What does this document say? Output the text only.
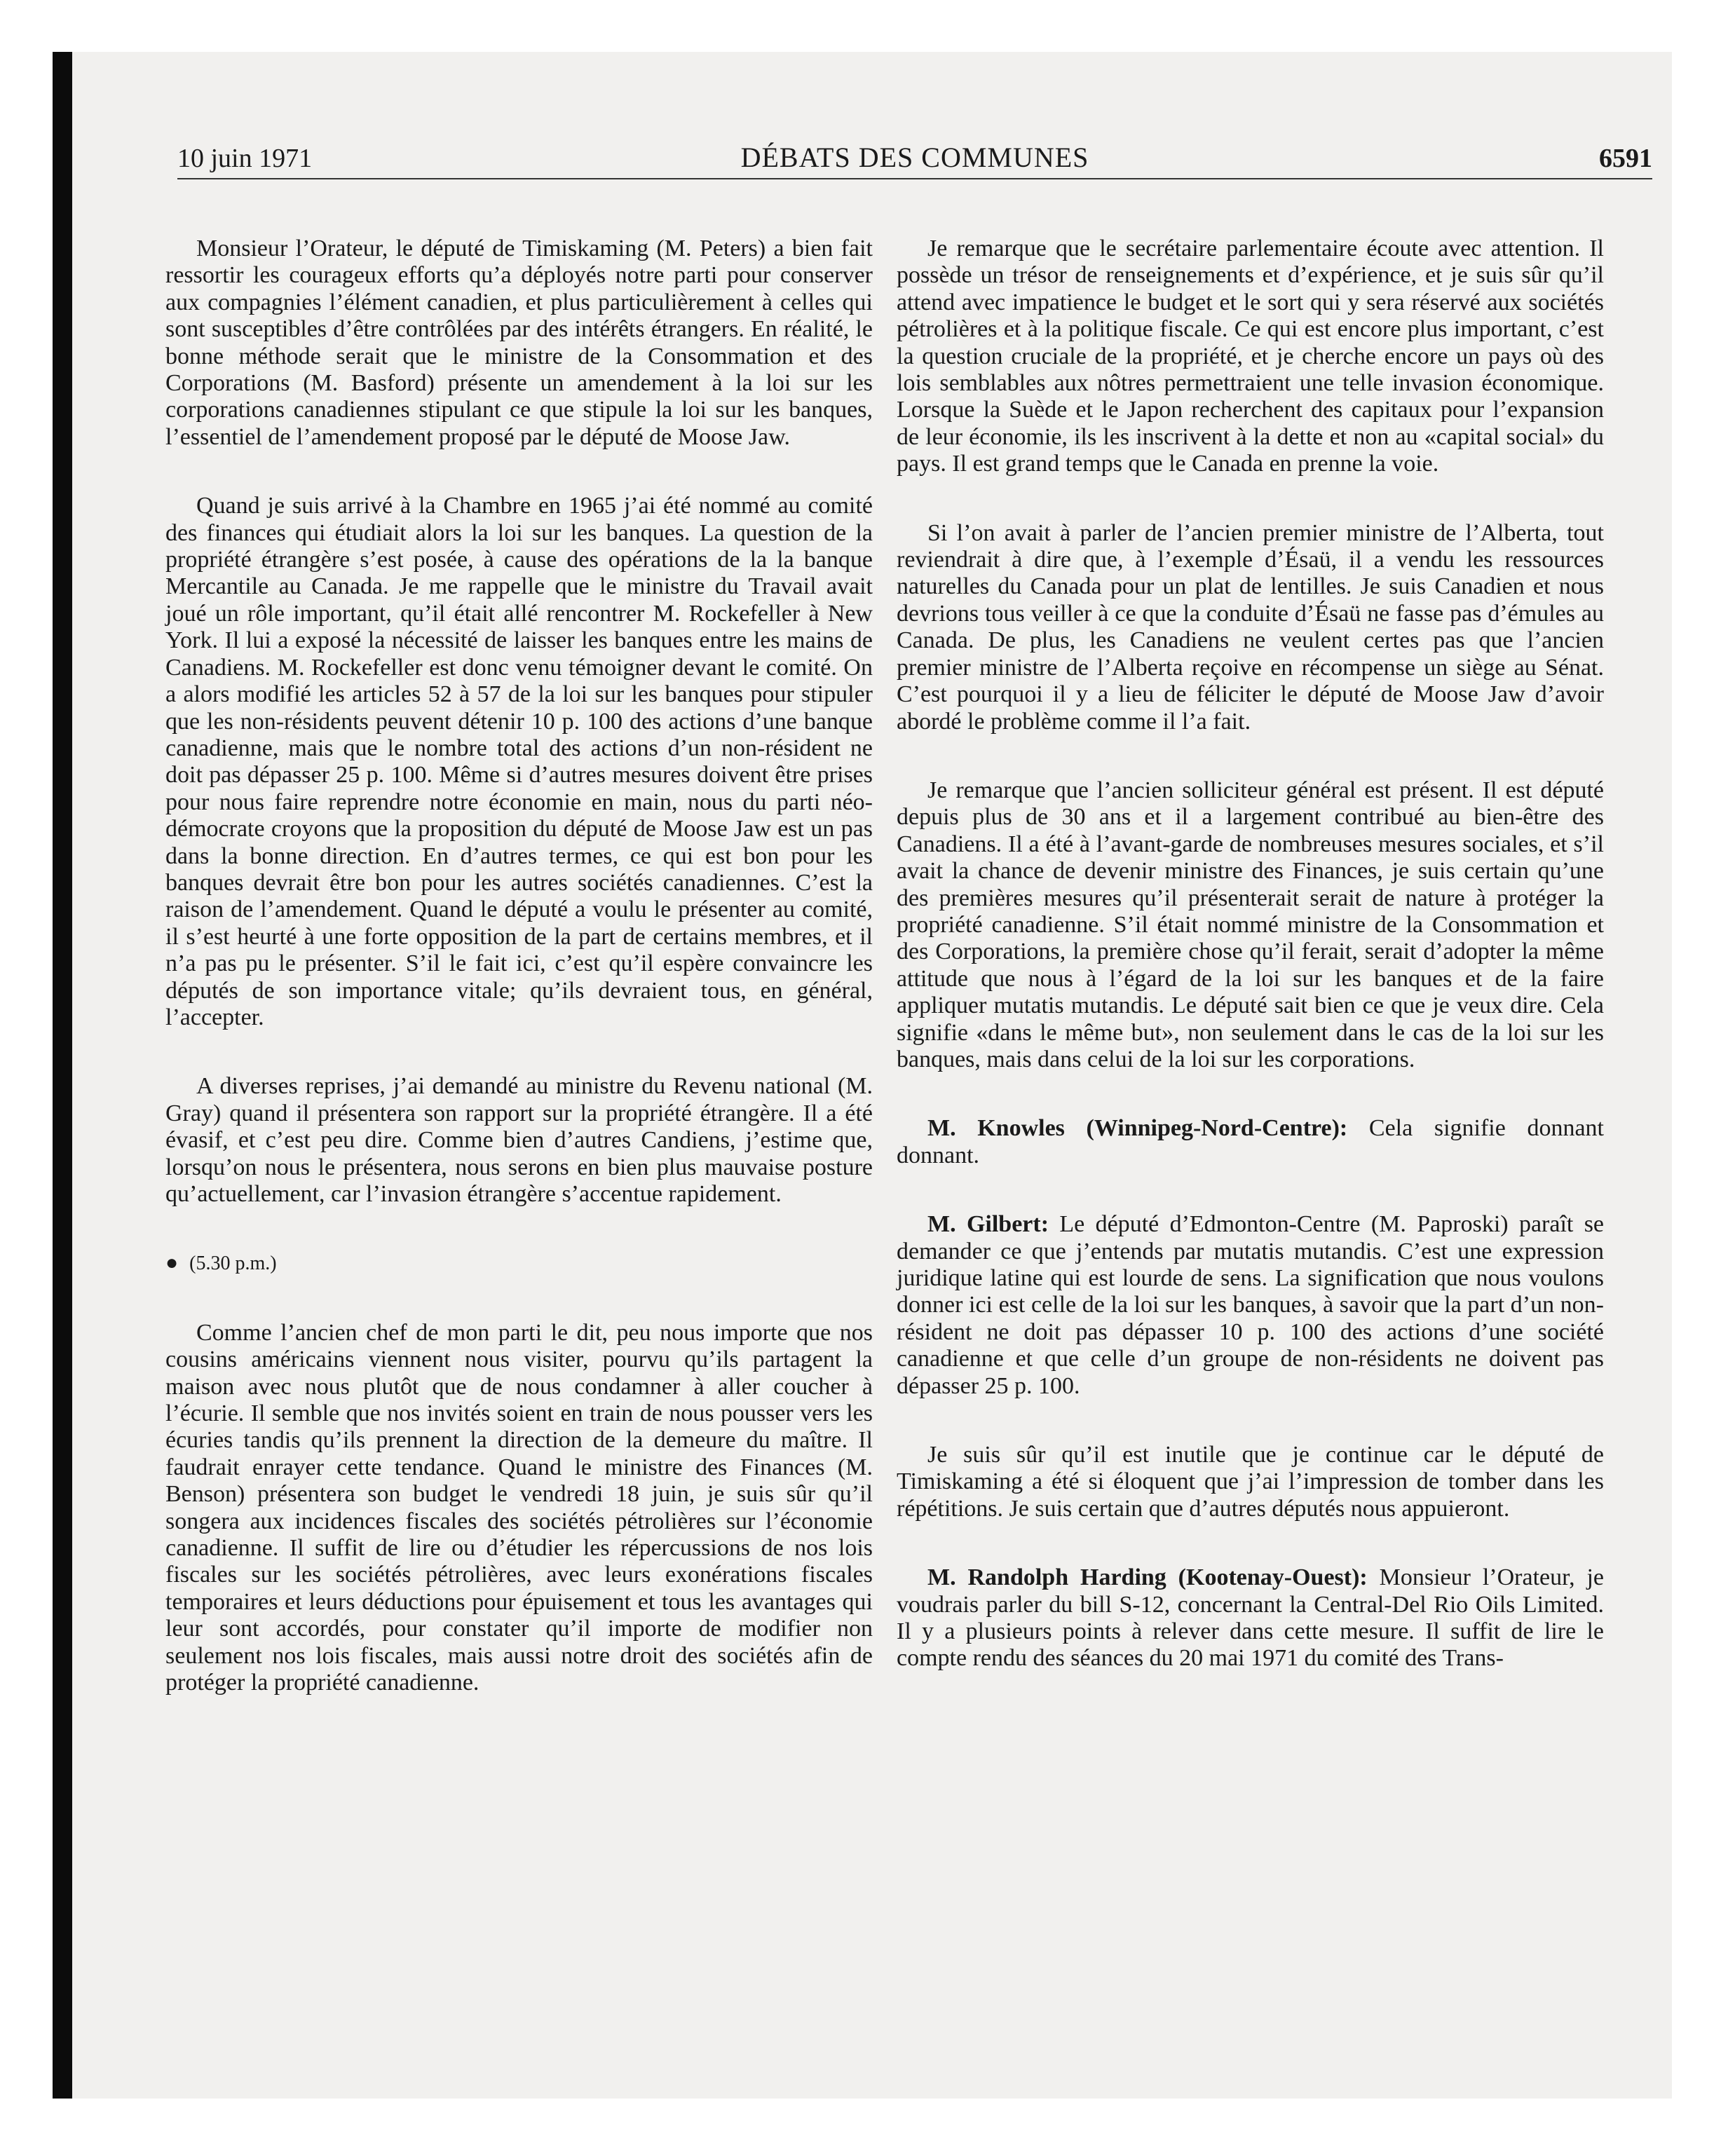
10 juin 1971	DÉBATS DES COMMUNES	6591

Monsieur l’Orateur, le député de Timiskaming (M. Peters) a bien fait ressortir les courageux efforts qu’a déployés notre parti pour conserver aux compagnies l’élément canadien, et plus particulièrement à celles qui sont susceptibles d’être contrôlées par des intérêts étrangers. En réalité, le bonne méthode serait que le ministre de la Consommation et des Corporations (M. Basford) présente un amendement à la loi sur les corporations canadiennes stipulant ce que stipule la loi sur les banques, l’essentiel de l’amendement proposé par le député de Moose Jaw.

Quand je suis arrivé à la Chambre en 1965 j’ai été nommé au comité des finances qui étudiait alors la loi sur les banques. La question de la propriété étrangère s’est posée, à cause des opérations de la la banque Mercantile au Canada. Je me rappelle que le ministre du Travail avait joué un rôle important, qu’il était allé rencontrer M. Rockefeller à New York. Il lui a exposé la nécessité de laisser les banques entre les mains de Canadiens. M. Rockefeller est donc venu témoigner devant le comité. On a alors modifié les articles 52 à 57 de la loi sur les banques pour stipuler que les non-résidents peuvent détenir 10 p. 100 des actions d’une banque canadienne, mais que le nombre total des actions d’un non-résident ne doit pas dépasser 25 p. 100. Même si d’autres mesures doivent être prises pour nous faire reprendre notre économie en main, nous du parti néo-démocrate croyons que la proposition du député de Moose Jaw est un pas dans la bonne direction. En d’autres termes, ce qui est bon pour les banques devrait être bon pour les autres sociétés canadiennes. C’est la raison de l’amendement. Quand le député a voulu le présenter au comité, il s’est heurté à une forte opposition de la part de certains membres, et il n’a pas pu le présenter. S’il le fait ici, c’est qu’il espère convaincre les députés de son importance vitale; qu’ils devraient tous, en général, l’accepter.

A diverses reprises, j’ai demandé au ministre du Revenu national (M. Gray) quand il présentera son rapport sur la propriété étrangère. Il a été évasif, et c’est peu dire. Comme bien d’autres Candiens, j’estime que, lorsqu’on nous le présentera, nous serons en bien plus mauvaise posture qu’actuellement, car l’invasion étrangère s’accentue rapidement.

● (5.30 p.m.)

Comme l’ancien chef de mon parti le dit, peu nous importe que nos cousins américains viennent nous visiter, pourvu qu’ils partagent la maison avec nous plutôt que de nous condamner à aller coucher à l’écurie. Il semble que nos invités soient en train de nous pousser vers les écuries tandis qu’ils prennent la direction de la demeure du maître. Il faudrait enrayer cette tendance. Quand le ministre des Finances (M. Benson) présentera son budget le vendredi 18 juin, je suis sûr qu’il songera aux incidences fiscales des sociétés pétrolières sur l’économie canadienne. Il suffit de lire ou d’étudier les répercussions de nos lois fiscales sur les sociétés pétrolières, avec leurs exonérations fiscales temporaires et leurs déductions pour épuisement et tous les avantages qui leur sont accordés, pour constater qu’il importe de modifier non seulement nos lois fiscales, mais aussi notre droit des sociétés afin de protéger la propriété canadienne.

Je remarque que le secrétaire parlementaire écoute avec attention. Il possède un trésor de renseignements et d’expérience, et je suis sûr qu’il attend avec impatience le budget et le sort qui y sera réservé aux sociétés pétrolières et à la politique fiscale. Ce qui est encore plus important, c’est la question cruciale de la propriété, et je cherche encore un pays où des lois semblables aux nôtres permettraient une telle invasion économique. Lorsque la Suède et le Japon recherchent des capitaux pour l’expansion de leur économie, ils les inscrivent à la dette et non au «capital social» du pays. Il est grand temps que le Canada en prenne la voie.

Si l’on avait à parler de l’ancien premier ministre de l’Alberta, tout reviendrait à dire que, à l’exemple d’Ésaü, il a vendu les ressources naturelles du Canada pour un plat de lentilles. Je suis Canadien et nous devrions tous veiller à ce que la conduite d’Ésaü ne fasse pas d’émules au Canada. De plus, les Canadiens ne veulent certes pas que l’ancien premier ministre de l’Alberta reçoive en récompense un siège au Sénat. C’est pourquoi il y a lieu de féliciter le député de Moose Jaw d’avoir abordé le problème comme il l’a fait.

Je remarque que l’ancien solliciteur général est présent. Il est député depuis plus de 30 ans et il a largement contribué au bien-être des Canadiens. Il a été à l’avant-garde de nombreuses mesures sociales, et s’il avait la chance de devenir ministre des Finances, je suis certain qu’une des premières mesures qu’il présenterait serait de nature à protéger la propriété canadienne. S’il était nommé ministre de la Consommation et des Corporations, la première chose qu’il ferait, serait d’adopter la même attitude que nous à l’égard de la loi sur les banques et de la faire appliquer mutatis mutandis. Le député sait bien ce que je veux dire. Cela signifie «dans le même but», non seulement dans le cas de la loi sur les banques, mais dans celui de la loi sur les corporations.

M. Knowles (Winnipeg-Nord-Centre): Cela signifie donnant donnant.

M. Gilbert: Le député d’Edmonton-Centre (M. Paproski) paraît se demander ce que j’entends par mutatis mutandis. C’est une expression juridique latine qui est lourde de sens. La signification que nous voulons donner ici est celle de la loi sur les banques, à savoir que la part d’un non-résident ne doit pas dépasser 10 p. 100 des actions d’une société canadienne et que celle d’un groupe de non-résidents ne doivent pas dépasser 25 p. 100.

Je suis sûr qu’il est inutile que je continue car le député de Timiskaming a été si éloquent que j’ai l’impression de tomber dans les répétitions. Je suis certain que d’autres députés nous appuieront.

M. Randolph Harding (Kootenay-Ouest): Monsieur l’Orateur, je voudrais parler du bill S-12, concernant la Central-Del Rio Oils Limited. Il y a plusieurs points à relever dans cette mesure. Il suffit de lire le compte rendu des séances du 20 mai 1971 du comité des Trans-
